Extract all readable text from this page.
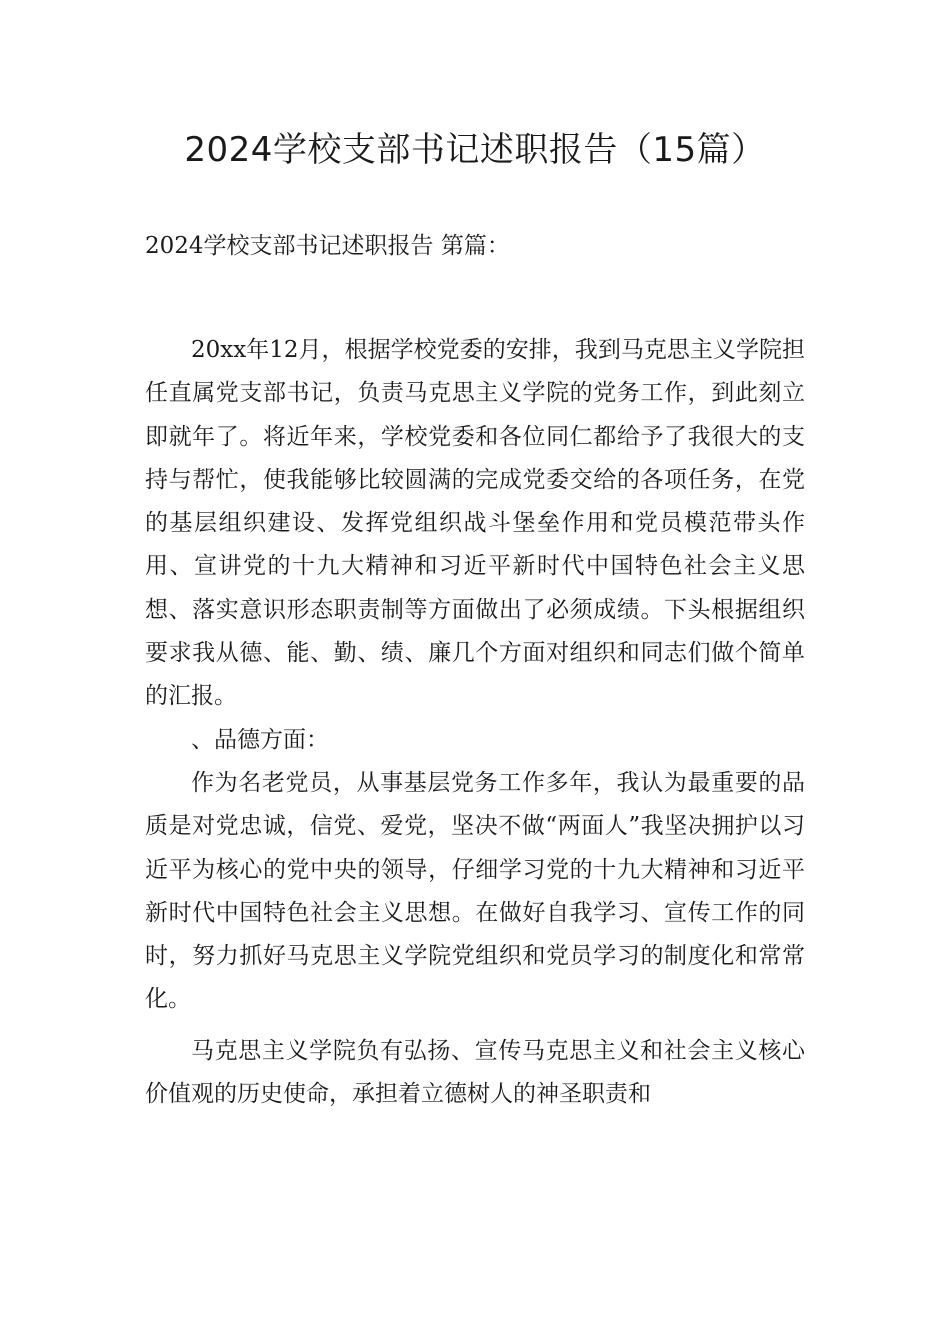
2024学校支部书记述职报告（15篇）
2024学校支部书记述职报告 第篇：

20xx年12月，根据学校党委的安排，我到马克思主义学院担任直属党支部书记，负责马克思主义学院的党务工作，到此刻立即就年了。将近年来，学校党委和各位同仁都给予了我很大的支持与帮忙，使我能够比较圆满的完成党委交给的各项任务，在党的基层组织建设、发挥党组织战斗堡垒作用和党员模范带头作用、宣讲党的十九大精神和习近平新时代中国特色社会主义思想、落实意识形态职责制等方面做出了必须成绩。下头根据组织要求我从德、能、勤、绩、廉几个方面对组织和同志们做个简单的汇报。

、品德方面：

作为名老党员，从事基层党务工作多年，我认为最重要的品质是对党忠诚，信党、爱党，坚决不做“两面人”我坚决拥护以习近平为核心的党中央的领导，仔细学习党的十九大精神和习近平新时代中国特色社会主义思想。在做好自我学习、宣传工作的同时，努力抓好马克思主义学院党组织和党员学习的制度化和常常化。

马克思主义学院负有弘扬、宣传马克思主义和社会主义核心价值观的历史使命，承担着立德树人的神圣职责和
